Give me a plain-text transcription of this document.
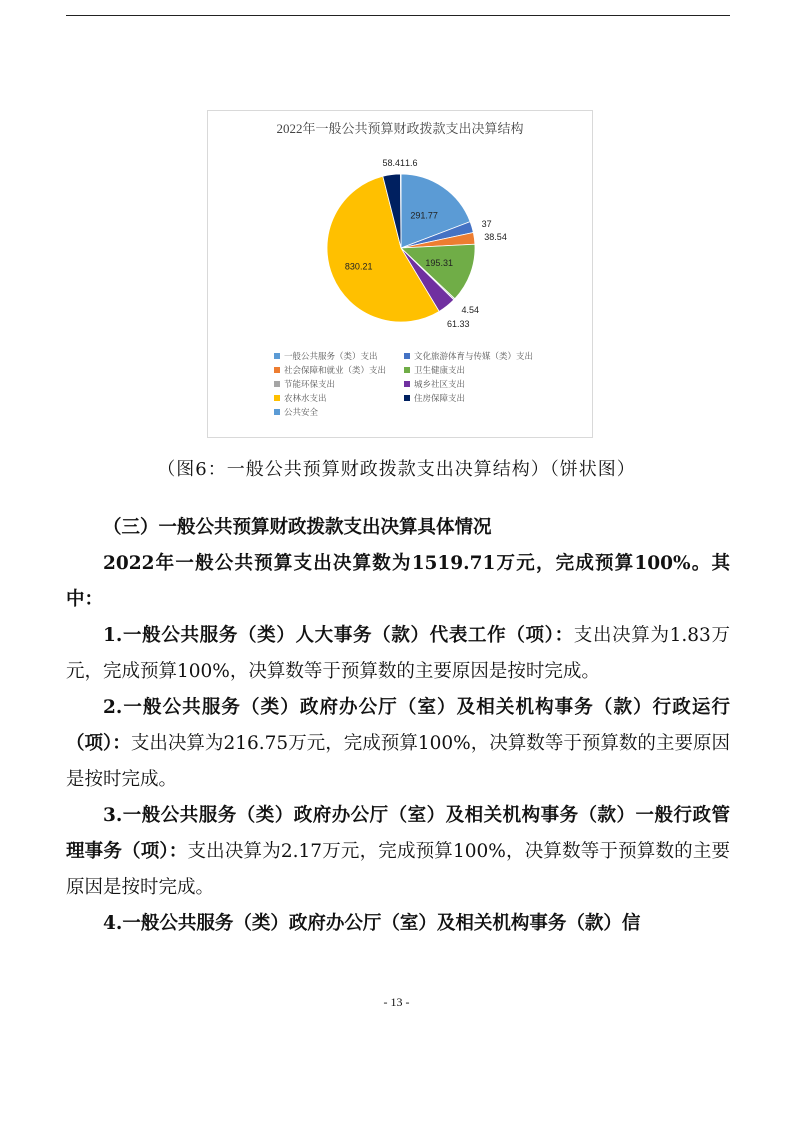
2022年一般公共预算财政拨款支出决算结构
291.77
37
38.54
195.31
4.54
61.33
830.21
58.41 1.6
一般公共服务（类）支出	文化旅游体育与传媒（类）支出
社会保障和就业（类）支出	卫生健康支出
节能环保支出	城乡社区支出
农林水支出	住房保障支出
公共安全
（图6：一般公共预算财政拨款支出决算结构）（饼状图）

（三）一般公共预算财政拨款支出决算具体情况

2022年一般公共预算支出决算数为1519.71万元，完成预算100%。其中：

1.一般公共服务（类）人大事务（款）代表工作（项）：支出决算为1.83万元，完成预算100%，决算数等于预算数的主要原因是按时完成。

2.一般公共服务（类）政府办公厅（室）及相关机构事务（款）行政运行（项）：支出决算为216.75万元，完成预算100%，决算数等于预算数的主要原因是按时完成。

3.一般公共服务（类）政府办公厅（室）及相关机构事务（款）一般行政管理事务（项）：支出决算为2.17万元，完成预算100%，决算数等于预算数的主要原因是按时完成。

4.一般公共服务（类）政府办公厅（室）及相关机构事务（款）信

- 13 -
